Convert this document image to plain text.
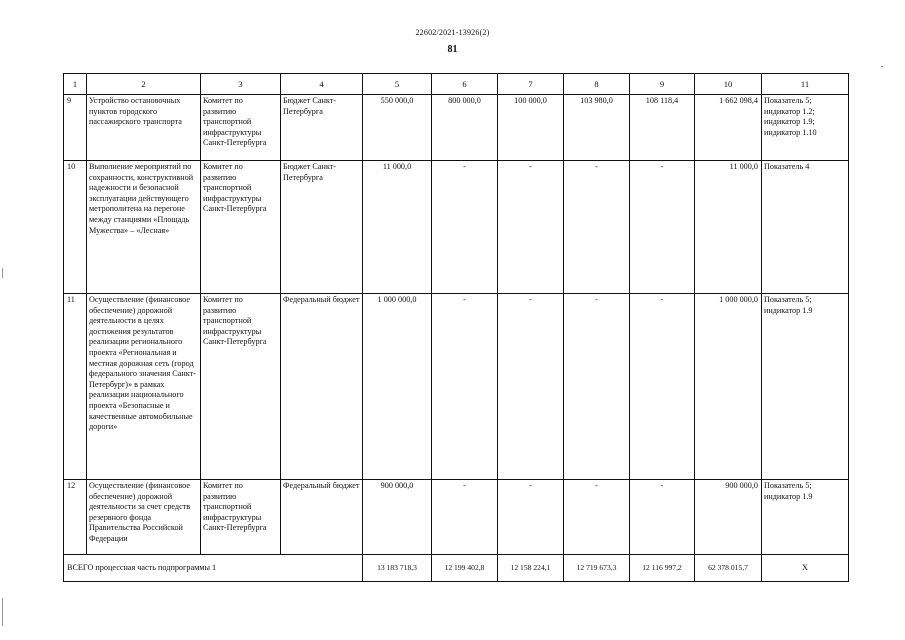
22602/2021-13926(2)
81
1	2	3	4	5	6	7	8	9	10	11
9	Устройство остановочных пунктов городского пассажирского транспорта	Комитет по развитию транспортной инфраструктуры Санкт-Петербурга	Бюджет Санкт-Петербурга	550 000,0	800 000,0	100 000,0	103 980,0	108 118,4	1 662 098,4	Показатель 5; индикатор 1.2; индикатор 1.9; индикатор 1.10
10	Выполнение мероприятий по сохранности, конструктивной надежности и безопасной эксплуатации действующего метрополитена на перегоне между станциями «Площадь Мужества» – «Лесная»	Комитет по развитию транспортной инфраструктуры Санкт-Петербурга	Бюджет Санкт-Петербурга	11 000,0	-	-	-	-	11 000,0	Показатель 4
11	Осуществление (финансовое обеспечение) дорожной деятельности в целях достижения результатов реализации регионального проекта «Региональная и местная дорожная сеть (город федерального значения Санкт-Петербург)» в рамках реализации национального проекта «Безопасные и качественные автомобильные дороги»	Комитет по развитию транспортной инфраструктуры Санкт-Петербурга	Федеральный бюджет	1 000 000,0	-	-	-	-	1 000 000,0	Показатель 5; индикатор 1.9
12	Осуществление (финансовое обеспечение) дорожной деятельности за счет средств резервного фонда Правительства Российской Федерации	Комитет по развитию транспортной инфраструктуры Санкт-Петербурга	Федеральный бюджет	900 000,0	-	-	-	-	900 000,0	Показатель 5; индикатор 1.9
ВСЕГО процессная часть подпрограммы 1				13 183 718,3	12 199 402,8	12 158 224,1	12 719 673,3	12 116 997,2	62 378 015,7	Х
